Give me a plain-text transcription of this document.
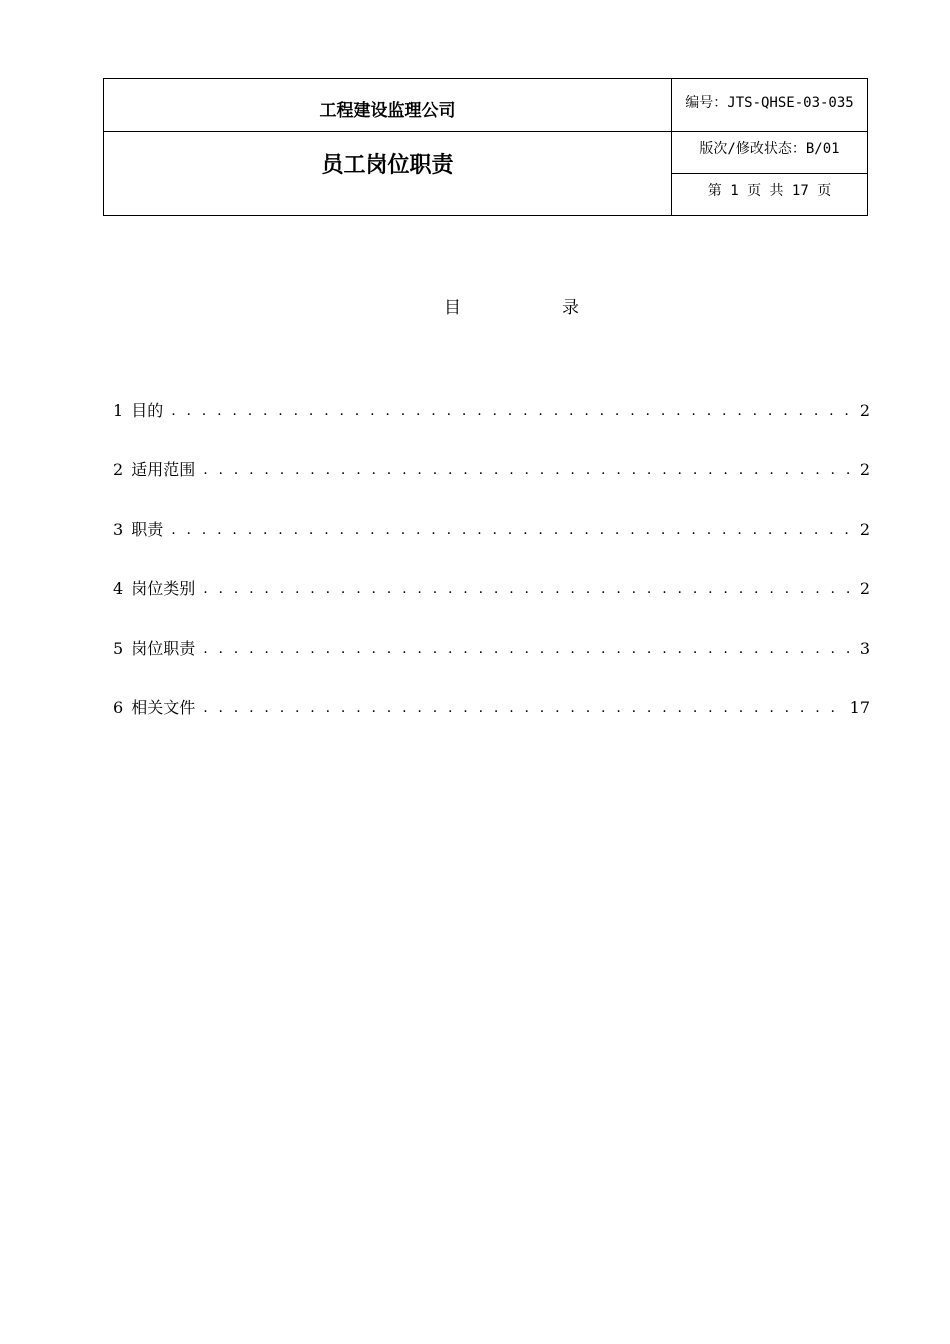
工程建设监理公司
员工岗位职责
编号：JTS-QHSE-03-035
版次/修改状态：B/01
第 1 页 共 17 页
目	录
1 目的 . . .	2
2 适用范围 . . .	2
3 职责 . . .	2
4 岗位类别 . . .	2
5 岗位职责 . . .	3
6 相关文件 . . .	17
